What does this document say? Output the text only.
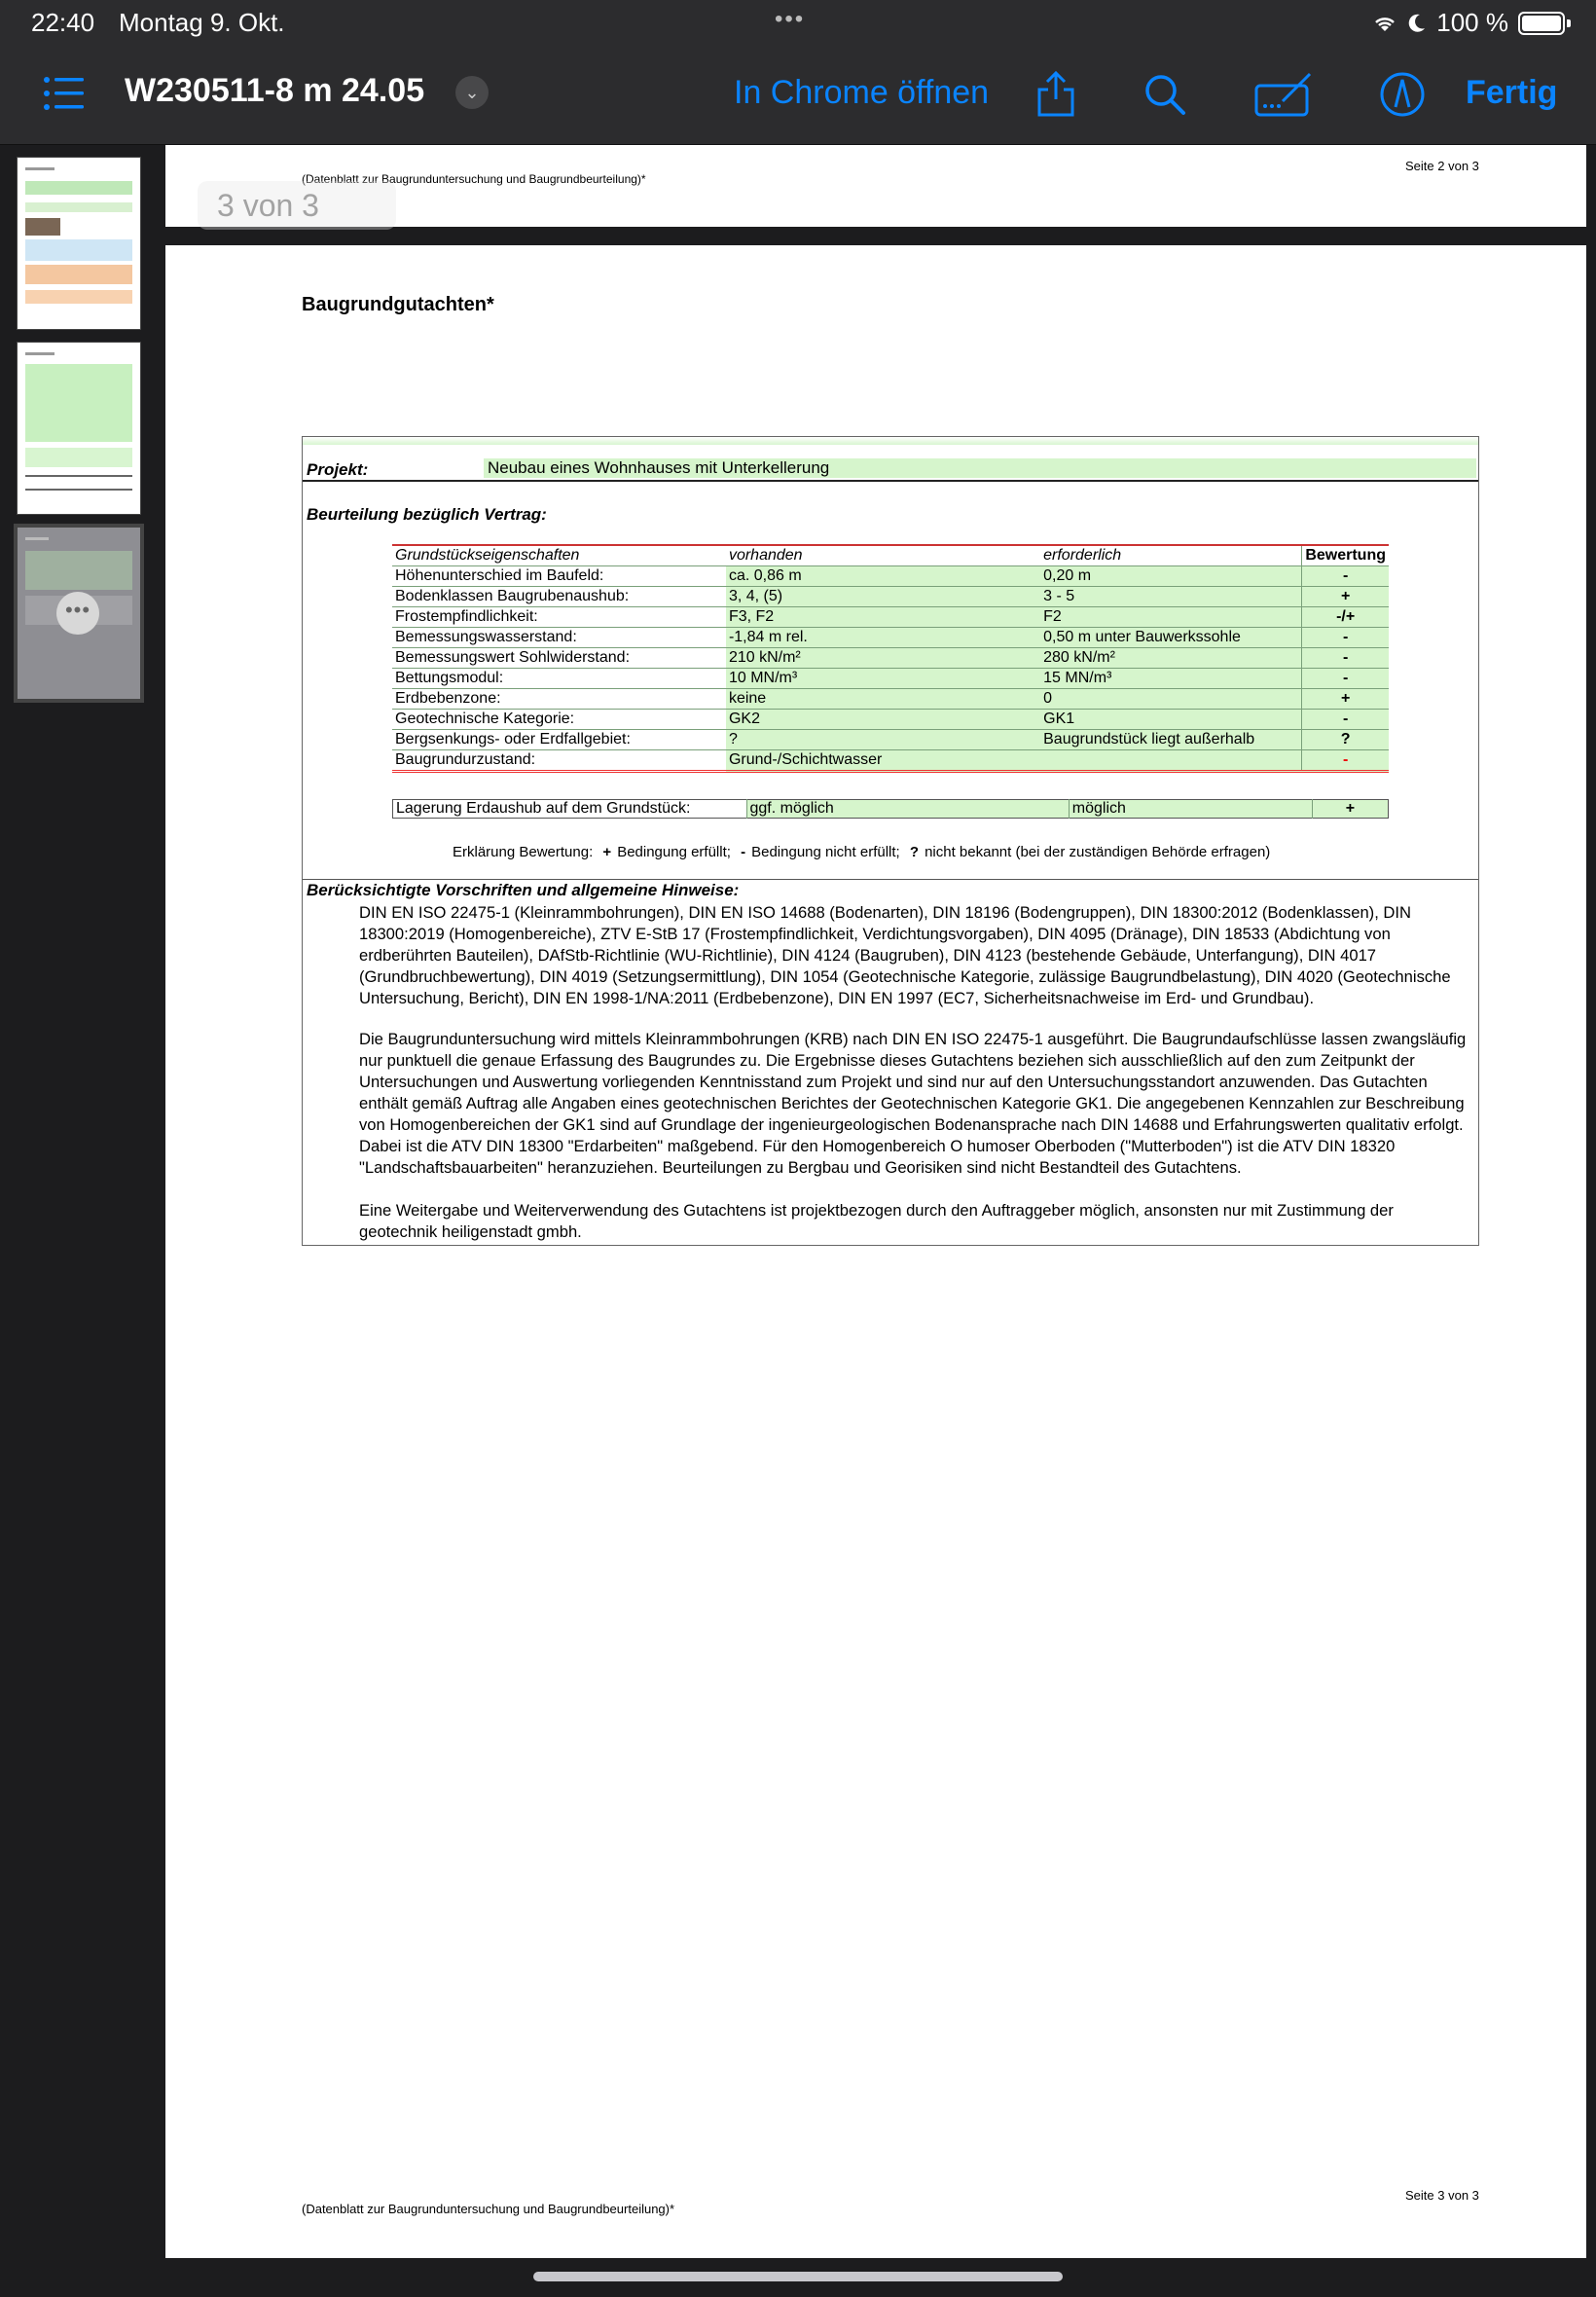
22:40 Montag 9. Okt.	•••	100 %
W230511-8 m 24.05	⌄	In Chrome öffnen	Fertig
•••
Seite 2 von 3
(Datenblatt zur Baugrunduntersuchung und Baugrundbeurteilung)*
Baugrundgutachten*
Projekt:	Neubau eines Wohnhauses mit Unterkellerung
Beurteilung bezüglich Vertrag:
Grundstückseigenschaften	vorhanden	erforderlich	Bewertung
Höhenunterschied im Baufeld:	ca. 0,86 m	0,20 m	-
Bodenklassen Baugrubenaushub:	3, 4, (5)	3 - 5	+
Frostempfindlichkeit:	F3, F2	F2	-/+
Bemessungswasserstand:	-1,84 m rel.	0,50 m unter Bauwerkssohle	-
Bemessungswert Sohlwiderstand:	210 kN/m²	280 kN/m²	-
Bettungsmodul:	10 MN/m³	15 MN/m³	-
Erdbebenzone:	keine	0	+
Geotechnische Kategorie:	GK2	GK1	-
Bergsenkungs- oder Erdfallgebiet:	?	Baugrundstück liegt außerhalb	?
Baugrundurzustand:	Grund-/Schichtwasser		-
Lagerung Erdaushub auf dem Grundstück:	ggf. möglich	möglich	+
Erklärung Bewertung: + Bedingung erfüllt; - Bedingung nicht erfüllt; ? nicht bekannt (bei der zuständigen Behörde erfragen)
Berücksichtigte Vorschriften und allgemeine Hinweise:
DIN EN ISO 22475-1 (Kleinrammbohrungen), DIN EN ISO 14688 (Bodenarten), DIN 18196 (Bodengruppen), DIN 18300:2012 (Bodenklassen), DIN 18300:2019 (Homogenbereiche), ZTV E-StB 17 (Frostempfindlichkeit, Verdichtungsvorgaben), DIN 4095 (Dränage), DIN 18533 (Abdichtung von erdberührten Bauteilen), DAfStb-Richtlinie (WU-Richtlinie), DIN 4124 (Baugruben), DIN 4123 (bestehende Gebäude, Unterfangung), DIN 4017 (Grundbruchbewertung), DIN 4019 (Setzungsermittlung), DIN 1054 (Geotechnische Kategorie, zulässige Baugrundbelastung), DIN 4020 (Geotechnische Untersuchung, Bericht), DIN EN 1998-1/NA:2011 (Erdbebenzone), DIN EN 1997 (EC7, Sicherheitsnachweise im Erd- und Grundbau).
Die Baugrunduntersuchung wird mittels Kleinrammbohrungen (KRB) nach DIN EN ISO 22475-1 ausgeführt. Die Baugrundaufschlüsse lassen zwangsläufig nur punktuell die genaue Erfassung des Baugrundes zu. Die Ergebnisse dieses Gutachtens beziehen sich ausschließlich auf den zum Zeitpunkt der Untersuchungen und Auswertung vorliegenden Kenntnisstand zum Projekt und sind nur auf den Untersuchungsstandort anzuwenden. Das Gutachten enthält gemäß Auftrag alle Angaben eines geotechnischen Berichtes der Geotechnischen Kategorie GK1. Die angegebenen Kennzahlen zur Beschreibung von Homogenbereichen der GK1 sind auf Grundlage der ingenieurgeologischen Bodenansprache nach DIN 14688 und Erfahrungswerten qualitativ erfolgt. Dabei ist die ATV DIN 18300 "Erdarbeiten" maßgebend. Für den Homogenbereich O humoser Oberboden ("Mutterboden") ist die ATV DIN 18320 "Landschaftsbauarbeiten" heranzuziehen. Beurteilungen zu Bergbau und Georisiken sind nicht Bestandteil des Gutachtens.
Eine Weitergabe und Weiterverwendung des Gutachtens ist projektbezogen durch den Auftraggeber möglich, ansonsten nur mit Zustimmung der geotechnik heiligenstadt gmbh.
Seite 3 von 3
(Datenblatt zur Baugrunduntersuchung und Baugrundbeurteilung)*
3 von 3
